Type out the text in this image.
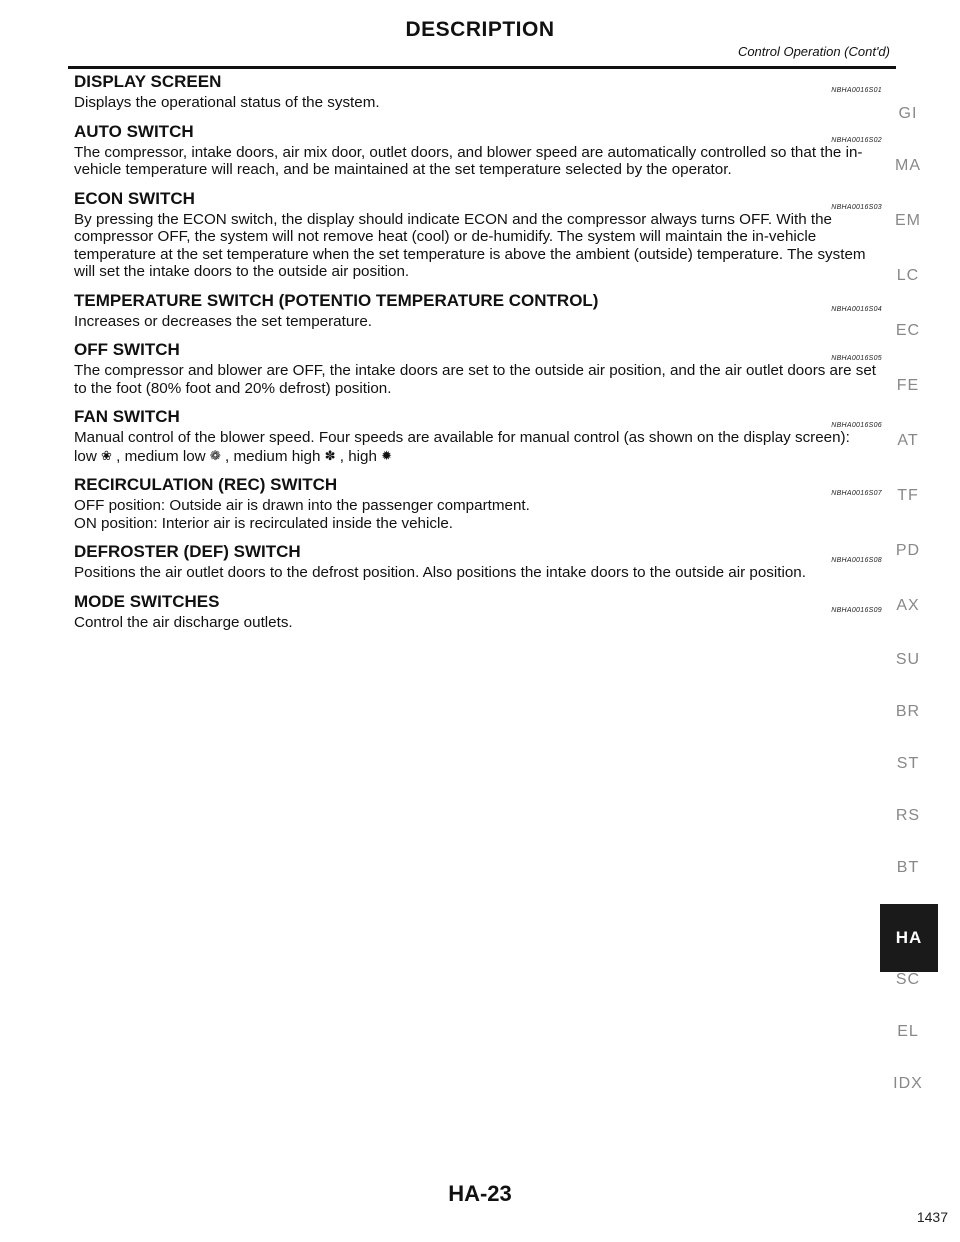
DESCRIPTION
Control Operation (Cont'd)
DISPLAY SCREEN	NBHA0016S01

Displays the operational status of the system.

AUTO SWITCH	NBHA0016S02

The compressor, intake doors, air mix door, outlet doors, and blower speed are automatically controlled so that the in-vehicle temperature will reach, and be maintained at the set temperature selected by the operator.

ECON SWITCH	NBHA0016S03

By pressing the ECON switch, the display should indicate ECON and the compressor always turns OFF. With the compressor OFF, the system will not remove heat (cool) or de-humidify. The system will maintain the in-vehicle temperature at the set temperature when the set temperature is above the ambient (outside) temperature. The system will set the intake doors to the outside air position.

TEMPERATURE SWITCH (POTENTIO TEMPERATURE CONTROL)	NBHA0016S04

Increases or decreases the set temperature.

OFF SWITCH	NBHA0016S05

The compressor and blower are OFF, the intake doors are set to the outside air position, and the air outlet doors are set to the foot (80% foot and 20% defrost) position.

FAN SWITCH	NBHA0016S06

Manual control of the blower speed. Four speeds are available for manual control (as shown on the display screen):

low ❀ , medium low ❁ , medium high ✽ , high ✹

RECIRCULATION (REC) SWITCH	NBHA0016S07

OFF position: Outside air is drawn into the passenger compartment.

ON position: Interior air is recirculated inside the vehicle.

DEFROSTER (DEF) SWITCH	NBHA0016S08

Positions the air outlet doors to the defrost position. Also positions the intake doors to the outside air position.

MODE SWITCHES	NBHA0016S09

Control the air discharge outlets.

GI
MA
EM
LC
EC
FE
AT
TF
PD
AX
SU
BR
ST
RS
BT
HA
SC
EL
IDX
HA-23
1437
